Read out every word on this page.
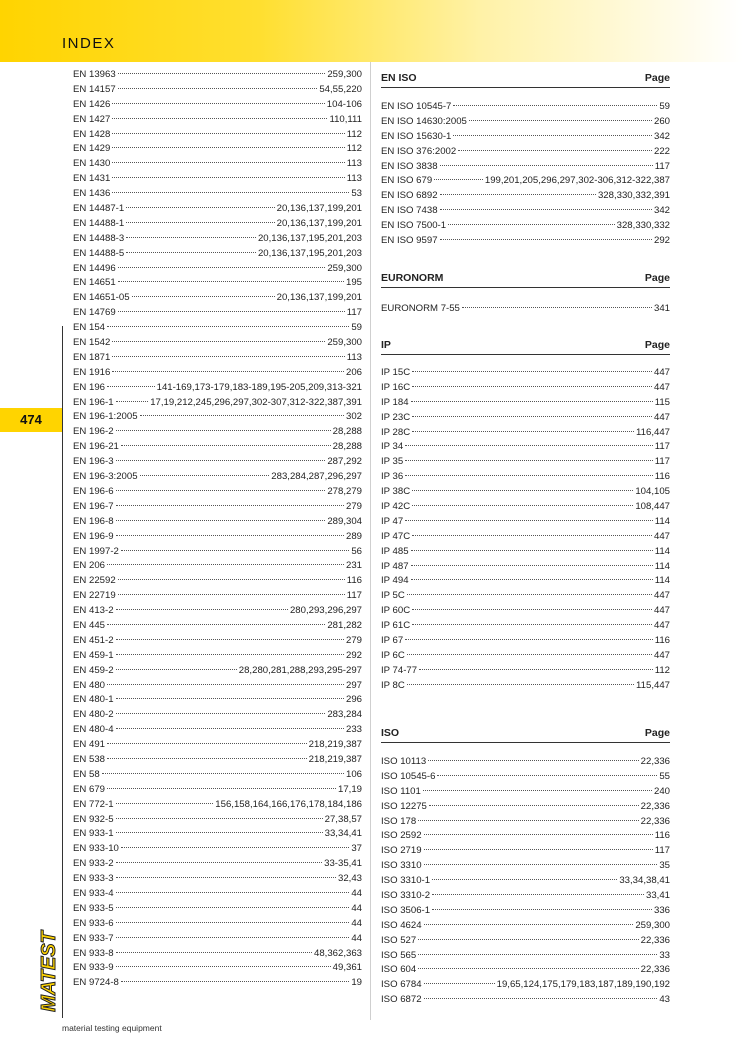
INDEX
474
EN 13963	259,300
EN 14157	54,55,220
EN 1426	104-106
EN 1427	110,111
EN 1428	112
EN 1429	112
EN 1430	113
EN 1431	113
EN 1436	53
EN 14487-1	20,136,137,199,201
EN 14488-1	20,136,137,199,201
EN 14488-3	20,136,137,195,201,203
EN 14488-5	20,136,137,195,201,203
EN 14496	259,300
EN 14651	195
EN 14651-05	20,136,137,199,201
EN 14769	117
EN 154	59
EN 1542	259,300
EN 1871	113
EN 1916	206
EN 196	141-169,173-179,183-189,195-205,209,313-321
EN 196-1	17,19,212,245,296,297,302-307,312-322,387,391
EN 196-1:2005	302
EN 196-2	28,288
EN 196-21	28,288
EN 196-3	287,292
EN 196-3:2005	283,284,287,296,297
EN 196-6	278,279
EN 196-7	279
EN 196-8	289,304
EN 196-9	289
EN 1997-2	56
EN 206	231
EN 22592	116
EN 22719	117
EN 413-2	280,293,296,297
EN 445	281,282
EN 451-2	279
EN 459-1	292
EN 459-2	28,280,281,288,293,295-297
EN 480	297
EN 480-1	296
EN 480-2	283,284
EN 480-4	233
EN 491	218,219,387
EN 538	218,219,387
EN 58	106
EN 679	17,19
EN 772-1	156,158,164,166,176,178,184,186
EN 932-5	27,38,57
EN 933-1	33,34,41
EN 933-10	37
EN 933-2	33-35,41
EN 933-3	32,43
EN 933-4	44
EN 933-5	44
EN 933-6	44
EN 933-7	44
EN 933-8	48,362,363
EN 933-9	49,361
EN 9724-8	19
EN ISO	Page
EN ISO 10545-7	59
EN ISO 14630:2005	260
EN ISO 15630-1	342
EN ISO 376:2002	222
EN ISO 3838	117
EN ISO 679	199,201,205,296,297,302-306,312-322,387
EN ISO 6892	328,330,332,391
EN ISO 7438	342
EN ISO 7500-1	328,330,332
EN ISO 9597	292
EURONORM	Page
EURONORM 7-55	341
IP	Page
IP 15C	447
IP 16C	447
IP 184	115
IP 23C	447
IP 28C	116,447
IP 34	117
IP 35	117
IP 36	116
IP 38C	104,105
IP 42C	108,447
IP 47	114
IP 47C	447
IP 485	114
IP 487	114
IP 494	114
IP 5C	447
IP 60C	447
IP 61C	447
IP 67	116
IP 6C	447
IP 74-77	112
IP 8C	115,447
ISO	Page
ISO 10113	22,336
ISO 10545-6	55
ISO 1101	240
ISO 12275	22,336
ISO 178	22,336
ISO 2592	116
ISO 2719	117
ISO 3310	35
ISO 3310-1	33,34,38,41
ISO 3310-2	33,41
ISO 3506-1	336
ISO 4624	259,300
ISO 527	22,336
ISO 565	33
ISO 604	22,336
ISO 6784	19,65,124,175,179,183,187,189,190,192
ISO 6872	43
MATEST
material testing equipment
